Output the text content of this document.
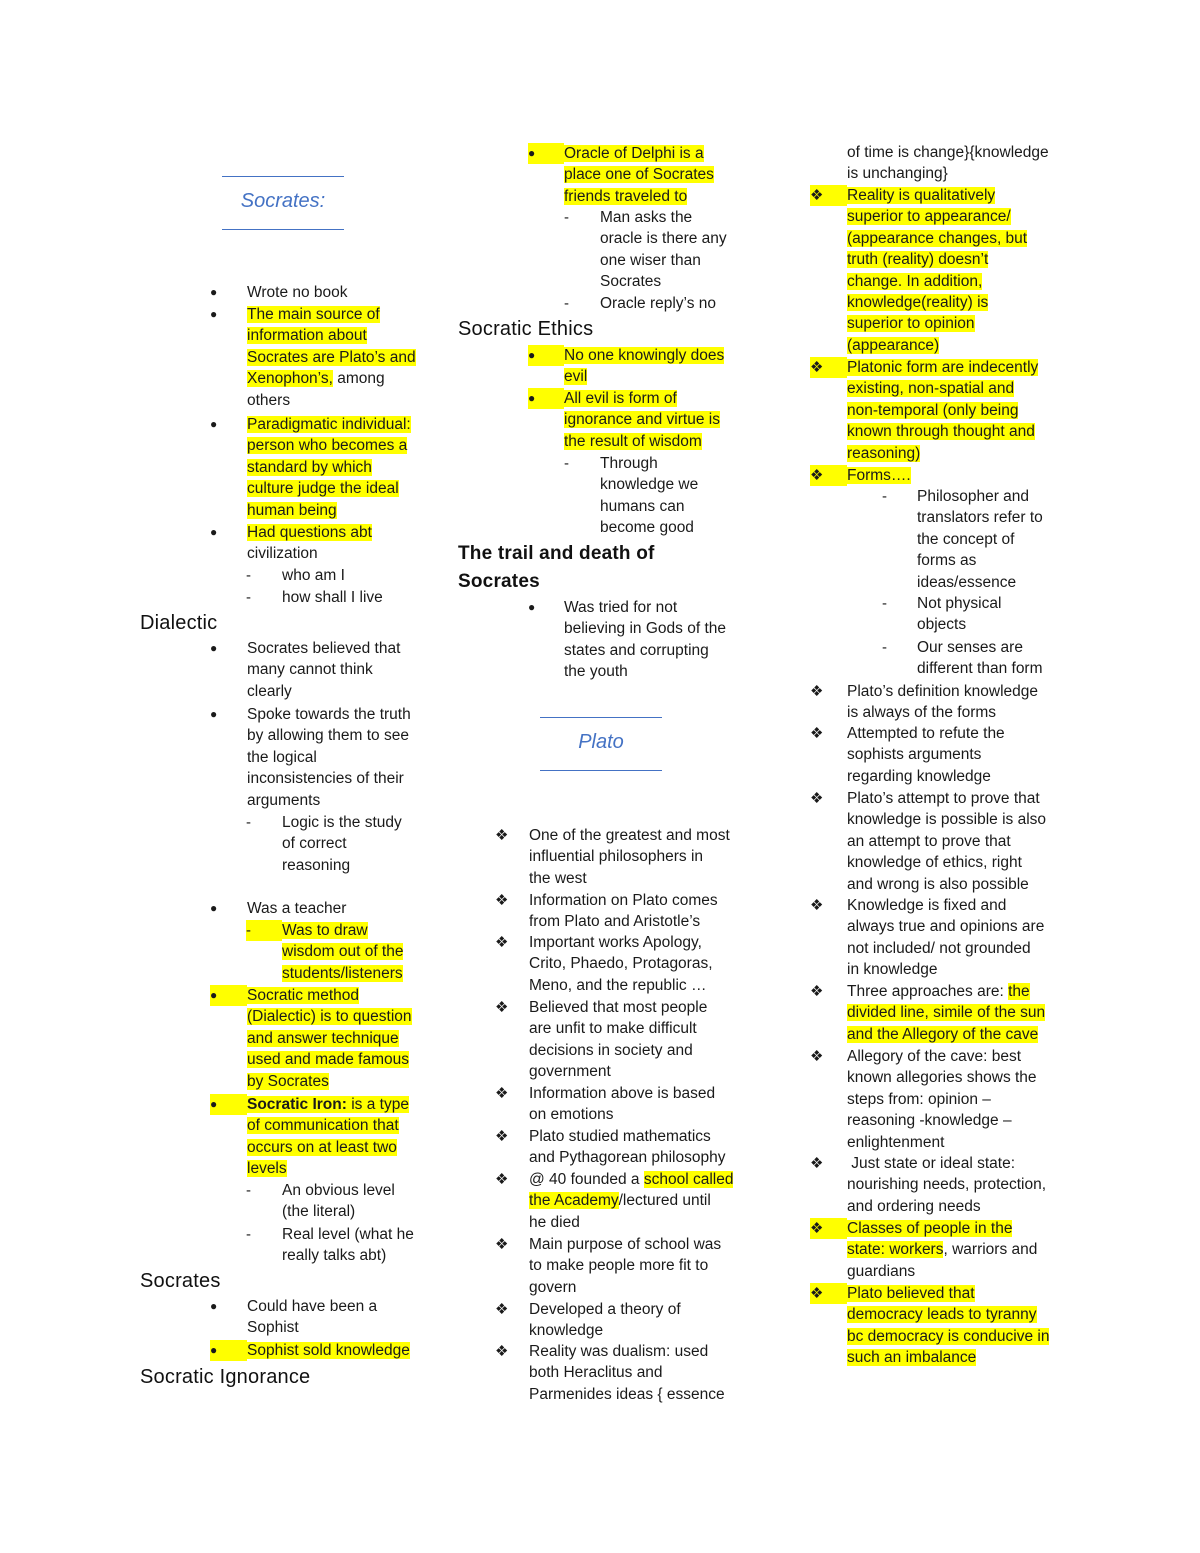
Socrates:
● Wrote no book
● The main source of
information about
Socrates are Plato’s and
Xenophon’s, among
others
● Paradigmatic individual:
person who becomes a
standard by which
culture judge the ideal
human being
● Had questions abt
civilization
- who am I
- how shall I live
Dialectic
● Socrates believed that
many cannot think
clearly
● Spoke towards the truth
by allowing them to see
the logical
inconsistencies of their
arguments
- Logic is the study
of correct
reasoning
● Was a teacher
-	Was to draw
wisdom out of the
students/listeners
●	Socratic method
(Dialectic) is to question
and answer technique
used and made famous
by Socrates
●	Socratic Iron: is a type
of communication that
occurs on at least two
levels
- An obvious level
(the literal)
- Real level (what he
really talks abt)
Socrates
● Could have been a
Sophist
●	Sophist sold knowledge
Socratic Ignorance
●	Oracle of Delphi is a
place one of Socrates
friends traveled to
- Man asks the
oracle is there any
one wiser than
Socrates
- Oracle reply’s no
Socratic Ethics
●	No one knowingly does
evil
●	All evil is form of
ignorance and virtue is
the result of wisdom
- Through
knowledge we
humans can
become good
The trail and death of
Socrates
● Was tried for not
believing in Gods of the
states and corrupting
the youth
Plato
❖ One of the greatest and most
influential philosophers in
the west
❖ Information on Plato comes
from Plato and Aristotle’s
❖ Important works Apology,
Crito, Phaedo, Protagoras,
Meno, and the republic …
❖ Believed that most people
are unfit to make difficult
decisions in society and
government
❖ Information above is based
on emotions
❖ Plato studied mathematics
and Pythagorean philosophy
❖ @ 40 founded a school called
the Academy/lectured until
he died
❖ Main purpose of school was
to make people more fit to
govern
❖ Developed a theory of
knowledge
❖ Reality was dualism: used
both Heraclitus and
Parmenides ideas { essence
of time is change}{knowledge
is unchanging}
❖	Reality is qualitatively
superior to appearance/
(appearance changes, but
truth (reality) doesn’t
change. In addition,
knowledge(reality) is
superior to opinion
(appearance)
❖	Platonic form are indecently
existing, non-spatial and
non-temporal (only being
known through thought and
reasoning)
❖	Forms….
- Philosopher and
translators refer to
the concept of
forms as
ideas/essence
- Not physical
objects
- Our senses are
different than form
❖ Plato’s definition knowledge
is always of the forms
❖ Attempted to refute the
sophists arguments
regarding knowledge
❖ Plato’s attempt to prove that
knowledge is possible is also
an attempt to prove that
knowledge of ethics, right
and wrong is also possible
❖ Knowledge is fixed and
always true and opinions are
not included/ not grounded
in knowledge
❖ Three approaches are: the
divided line, simile of the sun
and the Allegory of the cave
❖ Allegory of the cave: best
known allegories shows the
steps from: opinion –
reasoning -knowledge –
enlightenment
❖ Just state or ideal state:
nourishing needs, protection,
and ordering needs
❖	Classes of people in the
state: workers, warriors and
guardians
❖	Plato believed that
democracy leads to tyranny
bc democracy is conducive in
such an imbalance
